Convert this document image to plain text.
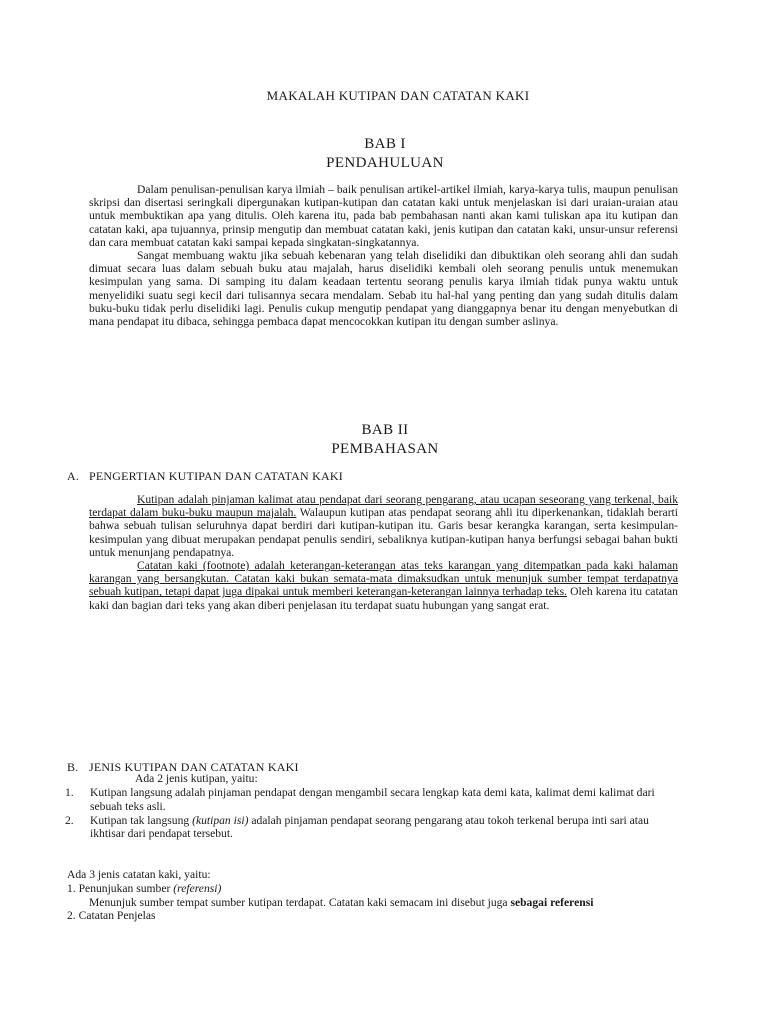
MAKALAH KUTIPAN DAN CATATAN KAKI
BAB I
PENDAHULUAN

Dalam penulisan-penulisan karya ilmiah – baik penulisan artikel-artikel ilmiah, karya-karya tulis, maupun penulisan skripsi dan disertasi seringkali dipergunakan kutipan-kutipan dan catatan kaki untuk menjelaskan isi dari uraian-uraian atau untuk membuktikan apa yang ditulis. Oleh karena itu, pada bab pembahasan nanti akan kami tuliskan apa itu kutipan dan catatan kaki, apa tujuannya, prinsip mengutip dan membuat catatan kaki, jenis kutipan dan catatan kaki, unsur-unsur referensi dan cara membuat catatan kaki sampai kepada singkatan-singkatannya.

Sangat membuang waktu jika sebuah kebenaran yang telah diselidiki dan dibuktikan oleh seorang ahli dan sudah dimuat secara luas dalam sebuah buku atau majalah, harus diselidiki kembali oleh seorang penulis untuk menemukan kesimpulan yang sama. Di samping itu dalam keadaan tertentu seorang penulis karya ilmiah tidak punya waktu untuk menyelidiki suatu segi kecil dari tulisannya secara mendalam. Sebab itu hal-hal yang penting dan yang sudah ditulis dalam buku-buku tidak perlu diselidiki lagi. Penulis cukup mengutip pendapat yang dianggapnya benar itu dengan menyebutkan di mana pendapat itu dibaca, sehingga pembaca dapat mencocokkan kutipan itu dengan sumber aslinya.

BAB II
PEMBAHASAN
A. PENGERTIAN KUTIPAN DAN CATATAN KAKI

Kutipan adalah pinjaman kalimat atau pendapat dari seorang pengarang, atau ucapan seseorang yang terkenal, baik terdapat dalam buku-buku maupun majalah. Walaupun kutipan atas pendapat seorang ahli itu diperkenankan, tidaklah berarti bahwa sebuah tulisan seluruhnya dapat berdiri dari kutipan-kutipan itu. Garis besar kerangka karangan, serta kesimpulan-kesimpulan yang dibuat merupakan pendapat penulis sendiri, sebaliknya kutipan-kutipan hanya berfungsi sebagai bahan bukti untuk menunjang pendapatnya.

Catatan kaki (footnote) adalah keterangan-keterangan atas teks karangan yang ditempatkan pada kaki halaman karangan yang bersangkutan. Catatan kaki bukan semata-mata dimaksudkan untuk menunjuk sumber tempat terdapatnya sebuah kutipan, tetapi dapat juga dipakai untuk memberi keterangan-keterangan lainnya terhadap teks. Oleh karena itu catatan kaki dan bagian dari teks yang akan diberi penjelasan itu terdapat suatu hubungan yang sangat erat.

B. JENIS KUTIPAN DAN CATATAN KAKI
Ada 2 jenis kutipan, yaitu:
1. Kutipan langsung adalah pinjaman pendapat dengan mengambil secara lengkap kata demi kata, kalimat demi kalimat dari sebuah teks asli.
2. Kutipan tak langsung (kutipan isi) adalah pinjaman pendapat seorang pengarang atau tokoh terkenal berupa inti sari atau ikhtisar dari pendapat tersebut.
Ada 3 jenis catatan kaki, yaitu:
1. Penunjukan sumber (referensi)
Menunjuk sumber tempat sumber kutipan terdapat. Catatan kaki semacam ini disebut juga sebagai referensi
2. Catatan Penjelas
